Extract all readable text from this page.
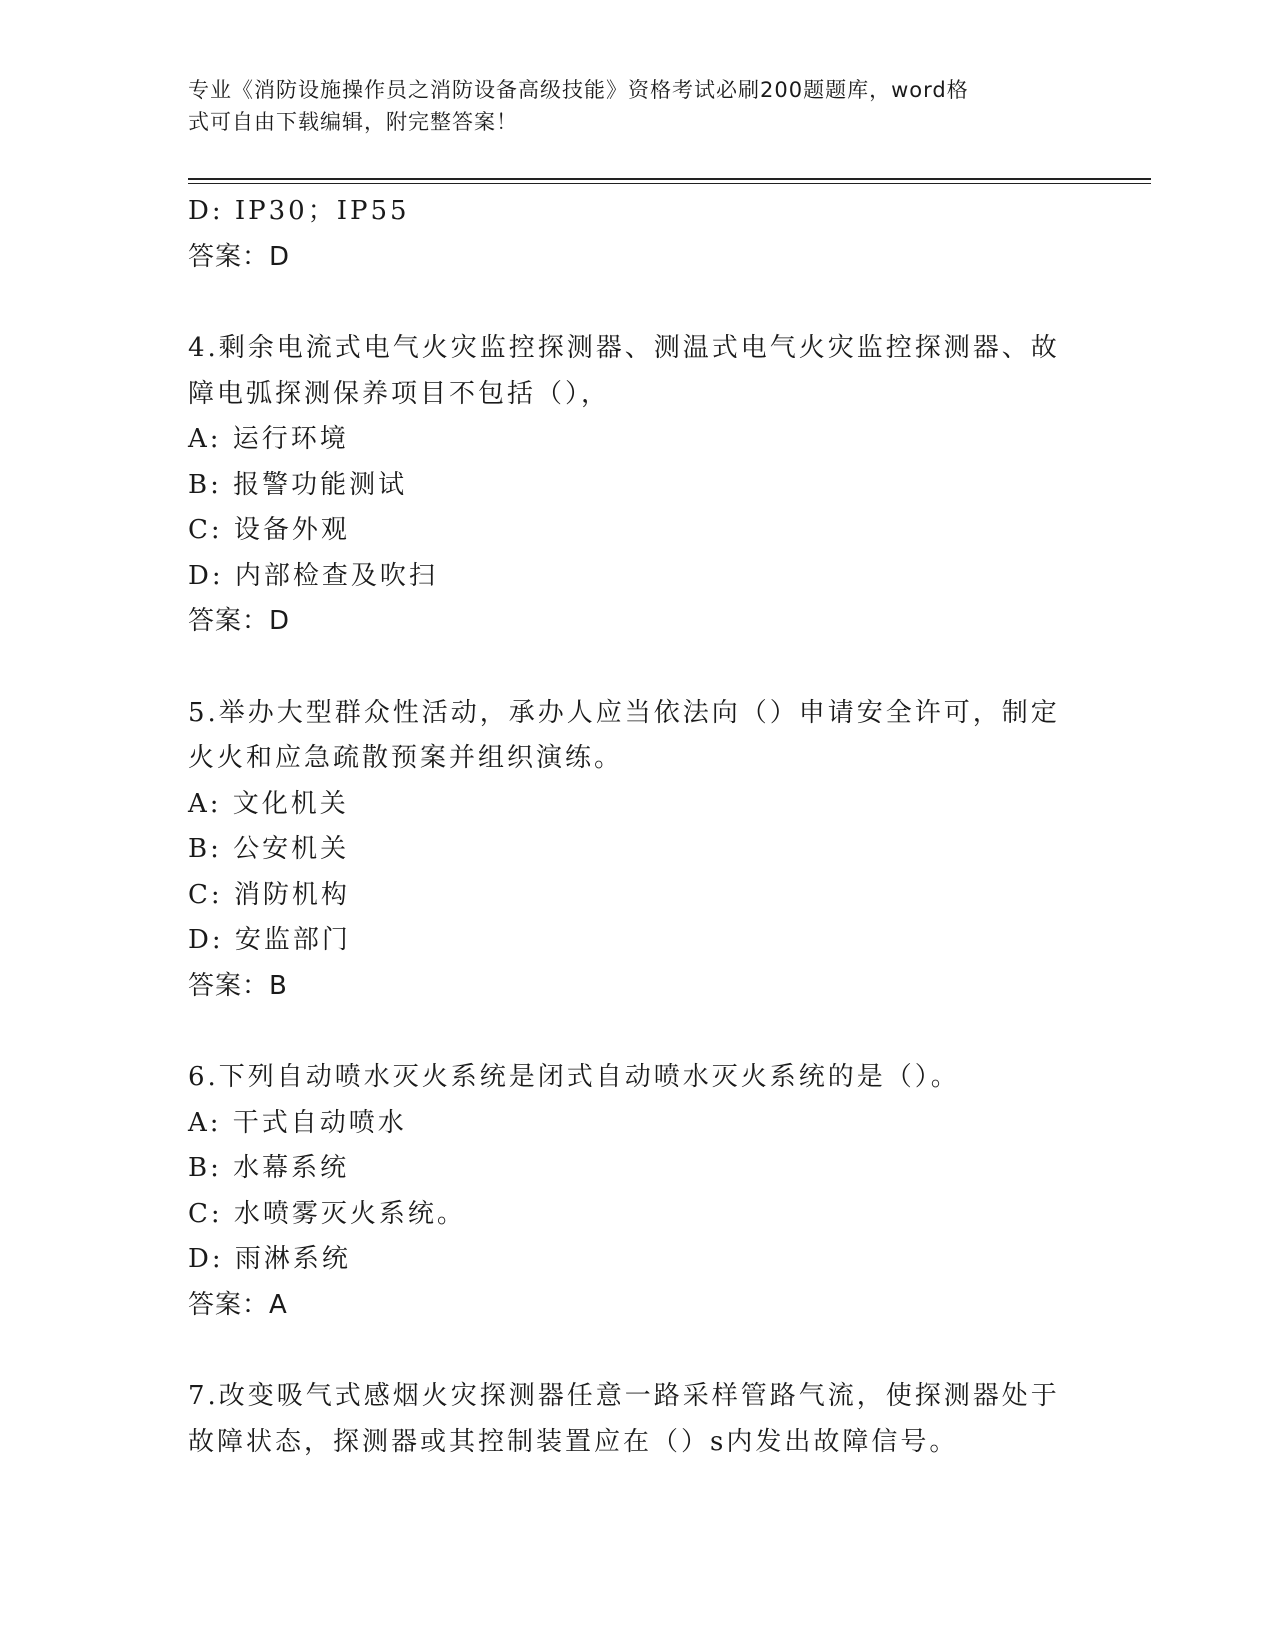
专业《消防设施操作员之消防设备高级技能》资格考试必刷200题题库，word格
式可自由下载编辑，附完整答案！
D: IP30；IP55
答案：D
4.剩余电流式电气火灾监控探测器、测温式电气火灾监控探测器、故
障电弧探测保养项目不包括（），
A: 运行环境
B: 报警功能测试
C: 设备外观
D: 内部检查及吹扫
答案：D
5.举办大型群众性活动，承办人应当依法向（）申请安全许可，制定
火火和应急疏散预案并组织演练。
A: 文化机关
B: 公安机关
C: 消防机构
D: 安监部门
答案：B
6.下列自动喷水灭火系统是闭式自动喷水灭火系统的是（）。
A: 干式自动喷水
B: 水幕系统
C: 水喷雾灭火系统。
D: 雨淋系统
答案：A
7.改变吸气式感烟火灾探测器任意一路采样管路气流，使探测器处于
故障状态，探测器或其控制装置应在（）s内发出故障信号。
